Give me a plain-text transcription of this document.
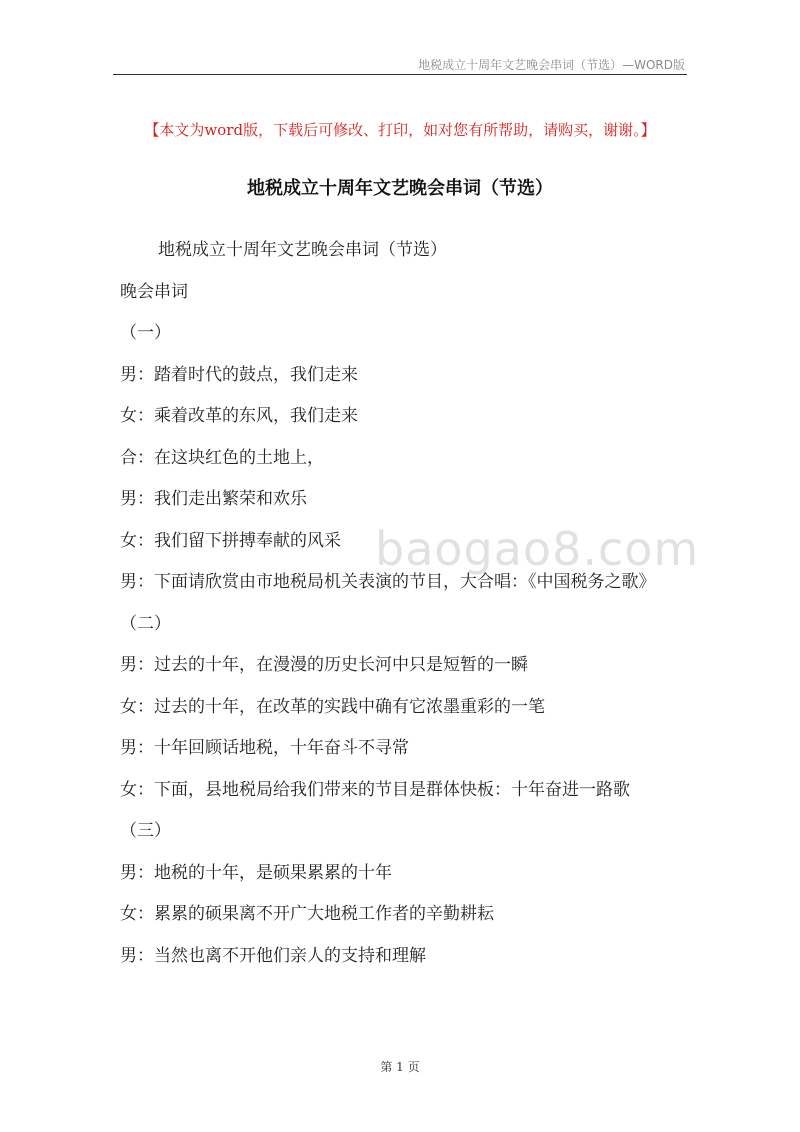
地税成立十周年文艺晚会串词（节选）—WORD版
【本文为word版，下载后可修改、打印，如对您有所帮助，请购买，谢谢。】
地税成立十周年文艺晚会串词（节选）

地税成立十周年文艺晚会串词（节选）

晚会串词

（一）

男：踏着时代的鼓点，我们走来

女：乘着改革的东风，我们走来

合：在这块红色的土地上，

男：我们走出繁荣和欢乐

女：我们留下拼搏奉献的风采

男：下面请欣赏由市地税局机关表演的节目，大合唱：《中国税务之歌》

（二）

男：过去的十年，在漫漫的历史长河中只是短暂的一瞬

女：过去的十年，在改革的实践中确有它浓墨重彩的一笔

男：十年回顾话地税，十年奋斗不寻常

女：下面，县地税局给我们带来的节目是群体快板：十年奋进一路歌

（三）

男：地税的十年，是硕果累累的十年

女：累累的硕果离不开广大地税工作者的辛勤耕耘

男：当然也离不开他们亲人的支持和理解

baogao8.com
第 1 页
